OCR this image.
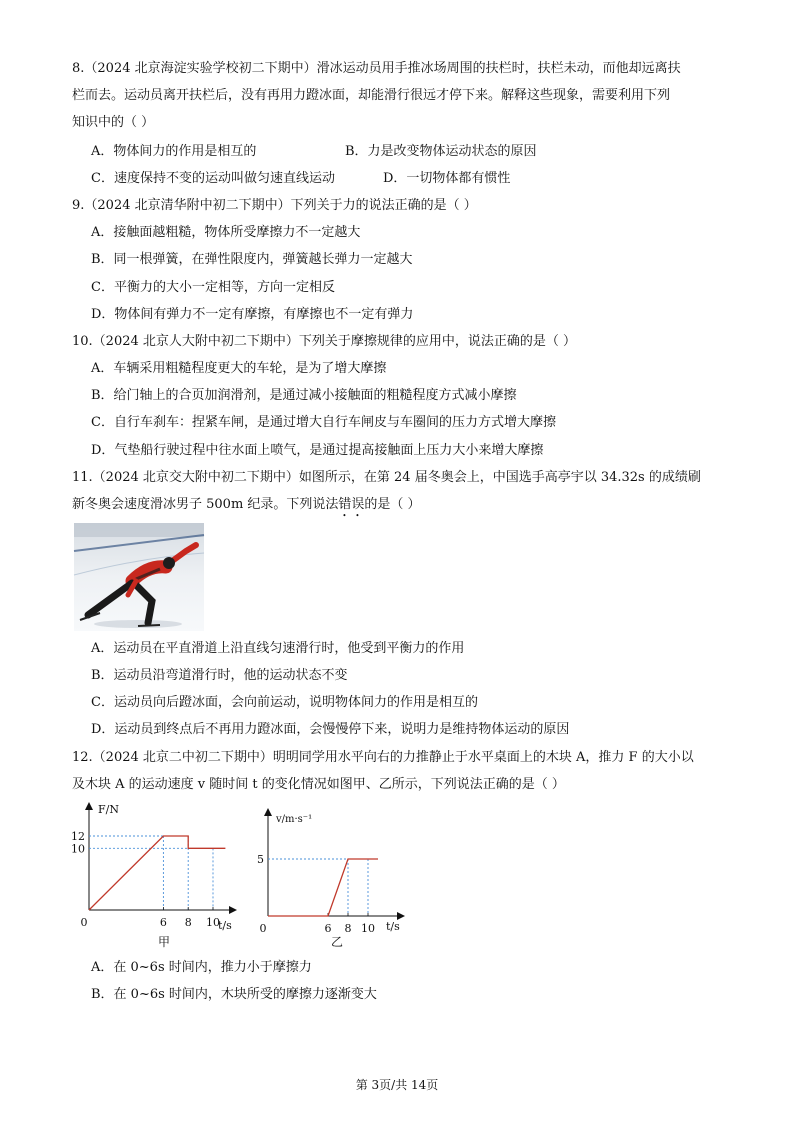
8.（2024 北京海淀实验学校初二下期中）滑冰运动员用手推冰场周围的扶栏时，扶栏未动，而他却远离扶
栏而去。运动员离开扶栏后，没有再用力蹬冰面，却能滑行很远才停下来。解释这些现象，需要利用下列
知识中的（ ）
A．物体间力的作用是相互的	B．力是改变物体运动状态的原因
C．速度保持不变的运动叫做匀速直线运动	D．一切物体都有惯性
9.（2024 北京清华附中初二下期中）下列关于力的说法正确的是（ ）
A．接触面越粗糙，物体所受摩擦力不一定越大
B．同一根弹簧，在弹性限度内，弹簧越长弹力一定越大
C．平衡力的大小一定相等，方向一定相反
D．物体间有弹力不一定有摩擦，有摩擦也不一定有弹力
10.（2024 北京人大附中初二下期中）下列关于摩擦规律的应用中，说法正确的是（ ）
A．车辆采用粗糙程度更大的车轮，是为了增大摩擦
B．给门轴上的合页加润滑剂，是通过减小接触面的粗糙程度方式减小摩擦
C．自行车刹车：捏紧车闸，是通过增大自行车闸皮与车圈间的压力方式增大摩擦
D．气垫船行驶过程中往水面上喷气，是通过提高接触面上压力大小来增大摩擦
11.（2024 北京交大附中初二下期中）如图所示，在第 24 届冬奥会上，中国选手高亭宇以 34.32s 的成绩刷
新冬奥会速度滑冰男子 500m 纪录。下列说法错误的是（ ）
A．运动员在平直滑道上沿直线匀速滑行时，他受到平衡力的作用
B．运动员沿弯道滑行时，他的运动状态不变
C．运动员向后蹬冰面，会向前运动，说明物体间力的作用是相互的
D．运动员到终点后不再用力蹬冰面，会慢慢停下来，说明力是维持物体运动的原因
12.（2024 北京二中初二下期中）明明同学用水平向右的力推静止于水平桌面上的木块 A，推力 F 的大小以
及木块 A 的运动速度 v 随时间 t 的变化情况如图甲、乙所示，下列说法正确的是（ ）
10
12
0	6 8 10
F/N
t/s
甲
5
0	6 8 10
v/m·s⁻¹
t/s
乙
A．在 0~6s 时间内，推力小于摩擦力
B．在 0~6s 时间内，木块所受的摩擦力逐渐变大
第 3页/共 14页
